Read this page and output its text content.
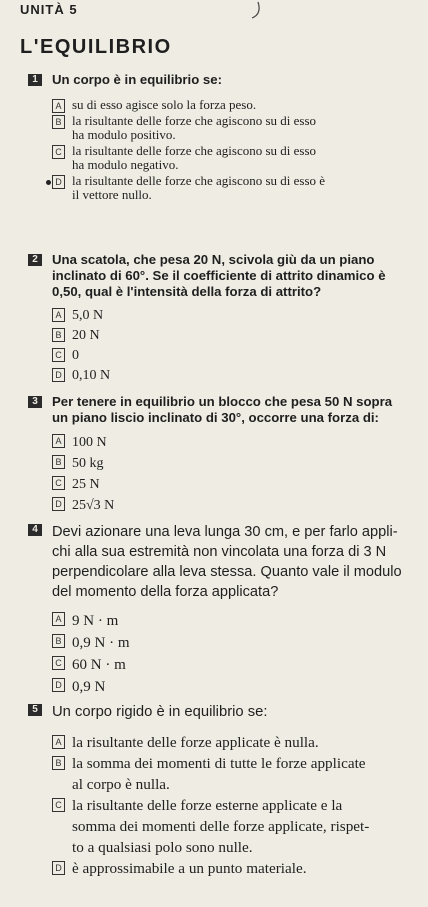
UNITÀ 5
L'EQUILIBRIO

1	Un corpo è in equilibrio se:

A su di esso agisce solo la forza peso.
B la risultante delle forze che agiscono su di esso
ha modulo positivo.
C la risultante delle forze che agiscono su di esso
ha modulo negativo.
D la risultante delle forze che agiscono su di esso è
il vettore nullo.
2	Una scatola, che pesa 20 N, scivola giù da un piano
inclinato di 60°. Se il coefficiente di attrito dinamico è
0,50, qual è l'intensità della forza di attrito?
A 5,0 N
B 20 N
C 0
D 0,10 N
3	Per tenere in equilibrio un blocco che pesa 50 N sopra
un piano liscio inclinato di 30°, occorre una forza di:
A 100 N
B 50 kg
C 25 N
D 25√3 N
4 Devi azionare una leva lunga 30 cm, e per farlo appli-
chi alla sua estremità non vincolata una forza di 3 N
perpendicolare alla leva stessa. Quanto vale il modulo
del momento della forza applicata?
A 9 N · m
B 0,9 N · m
C 60 N · m
D 0,9 N

5 Un corpo rigido è in equilibrio se:

A la risultante delle forze applicate è nulla.
B la somma dei momenti di tutte le forze applicate
al corpo è nulla.
C la risultante delle forze esterne applicate e la
somma dei momenti delle forze applicate, rispet-
to a qualsiasi polo sono nulle.
D è approssimabile a un punto materiale.
